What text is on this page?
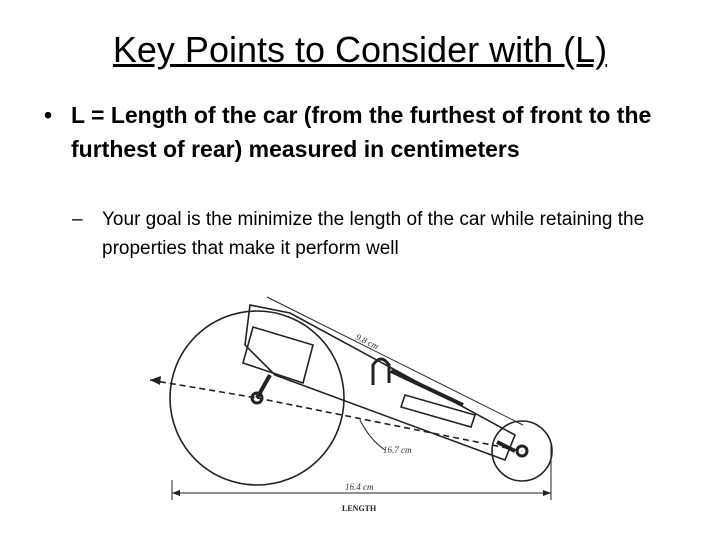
Key Points to Consider with (L)
• L = Length of the car (from the furthest of front to the furthest of rear) measured in centimeters
– Your goal is the minimize the length of the car while retaining the properties that make it perform well
9.8 cm
16.7 cm
16.4 cm
LENGTH
